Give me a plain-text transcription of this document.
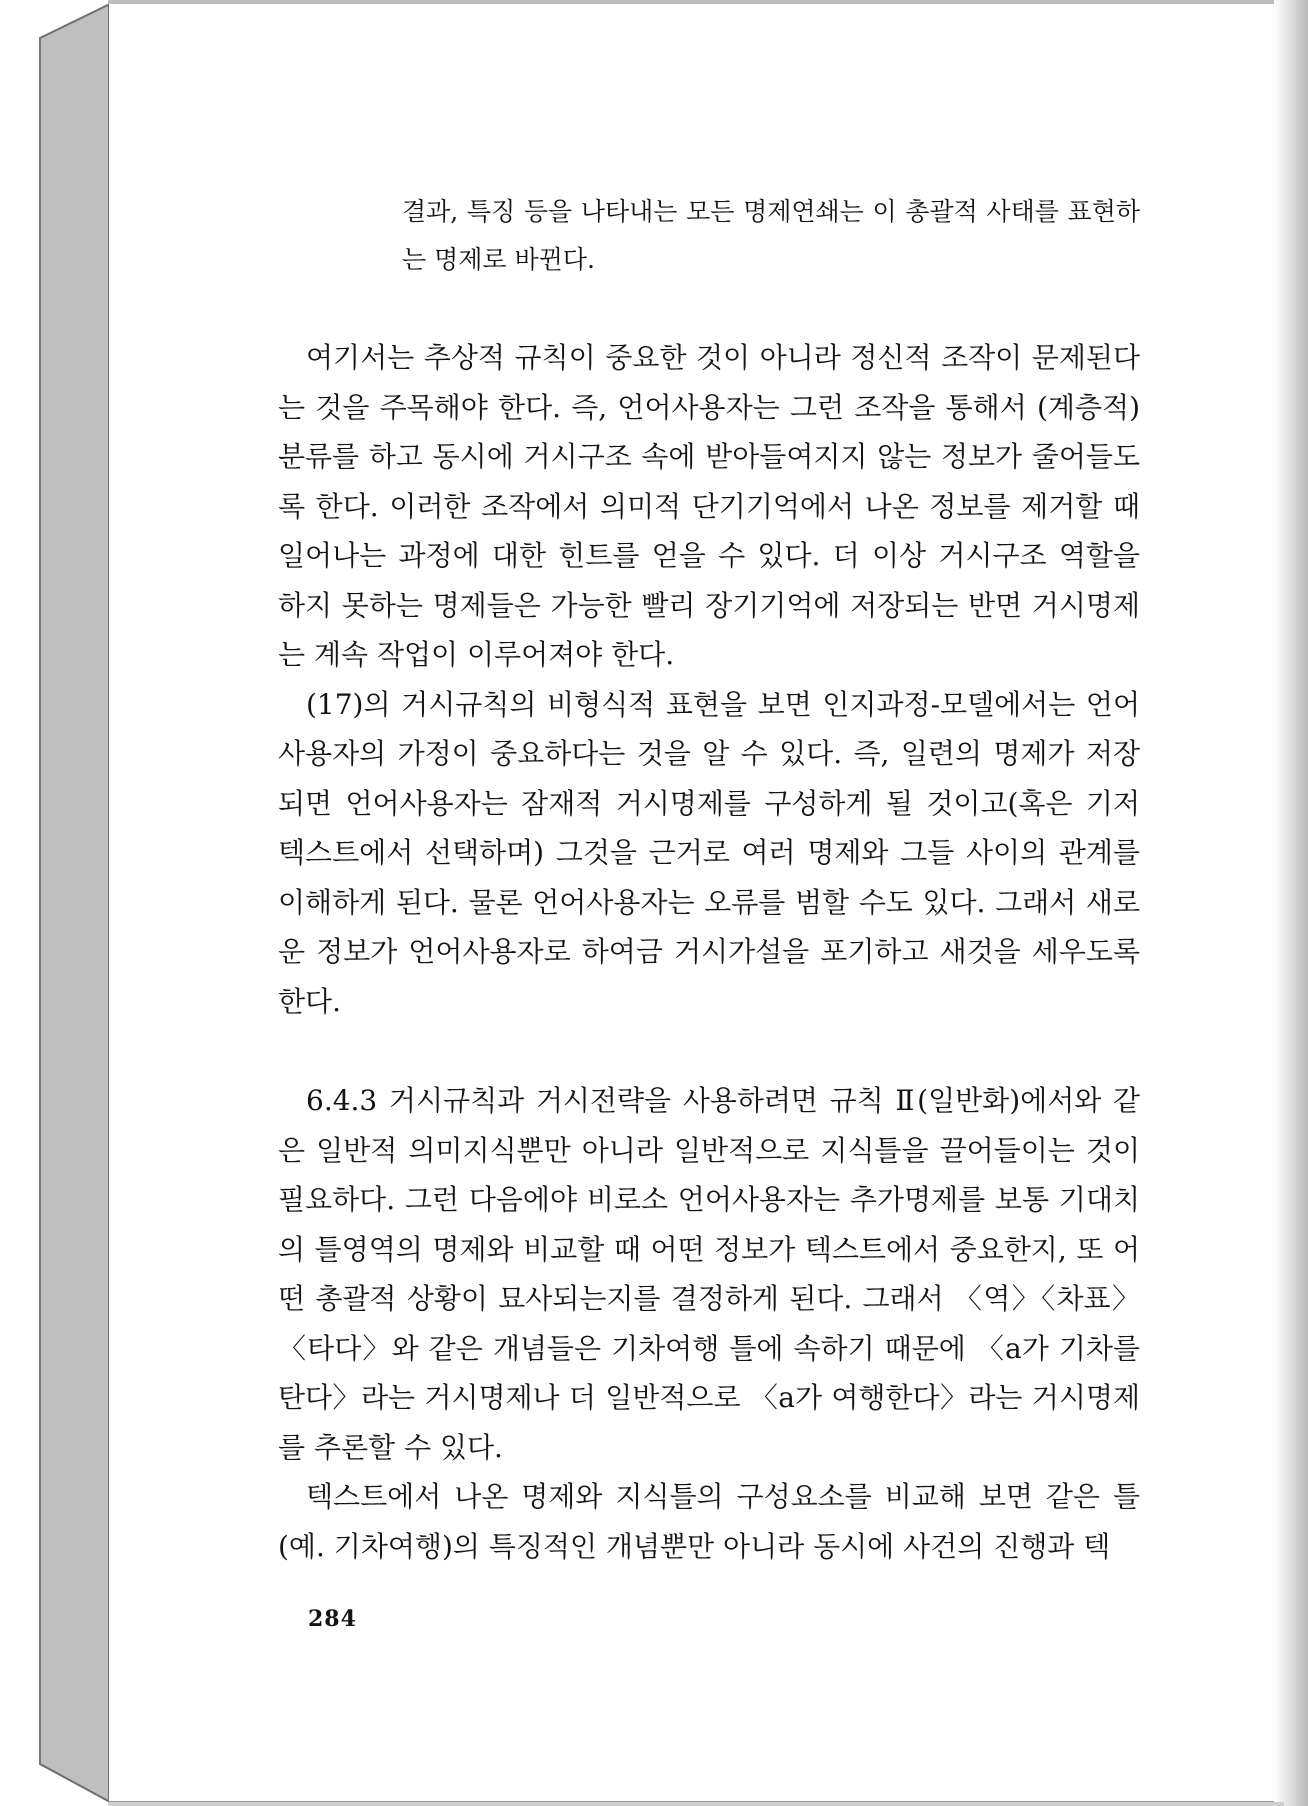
결과, 특징 등을 나타내는 모든 명제연쇄는 이 총괄적 사태를 표현하는 명제로 바뀐다.

여기서는 추상적 규칙이 중요한 것이 아니라 정신적 조작이 문제된다는 것을 주목해야 한다. 즉, 언어사용자는 그런 조작을 통해서 (계층적)분류를 하고 동시에 거시구조 속에 받아들여지지 않는 정보가 줄어들도록 한다. 이러한 조작에서 의미적 단기기억에서 나온 정보를 제거할 때 일어나는 과정에 대한 힌트를 얻을 수 있다. 더 이상 거시구조 역할을 하지 못하는 명제들은 가능한 빨리 장기기억에 저장되는 반면 거시명제는 계속 작업이 이루어져야 한다.

(17)의 거시규칙의 비형식적 표현을 보면 인지과정-모델에서는 언어사용자의 가정이 중요하다는 것을 알 수 있다. 즉, 일련의 명제가 저장되면 언어사용자는 잠재적 거시명제를 구성하게 될 것이고(혹은 기저 텍스트에서 선택하며) 그것을 근거로 여러 명제와 그들 사이의 관계를 이해하게 된다. 물론 언어사용자는 오류를 범할 수도 있다. 그래서 새로운 정보가 언어사용자로 하여금 거시가설을 포기하고 새것을 세우도록 한다.

6.4.3 거시규칙과 거시전략을 사용하려면 규칙 Ⅱ(일반화)에서와 같은 일반적 의미지식뿐만 아니라 일반적으로 지식틀을 끌어들이는 것이 필요하다. 그런 다음에야 비로소 언어사용자는 추가명제를 보통 기대치의 틀영역의 명제와 비교할 때 어떤 정보가 텍스트에서 중요한지, 또 어떤 총괄적 상황이 묘사되는지를 결정하게 된다. 그래서 〈역〉〈차표〉〈타다〉와 같은 개념들은 기차여행 틀에 속하기 때문에 〈a가 기차를 탄다〉라는 거시명제나 더 일반적으로 〈a가 여행한다〉라는 거시명제를 추론할 수 있다.

텍스트에서 나온 명제와 지식틀의 구성요소를 비교해 보면 같은 틀(예. 기차여행)의 특징적인 개념뿐만 아니라 동시에 사건의 진행과 텍

284
